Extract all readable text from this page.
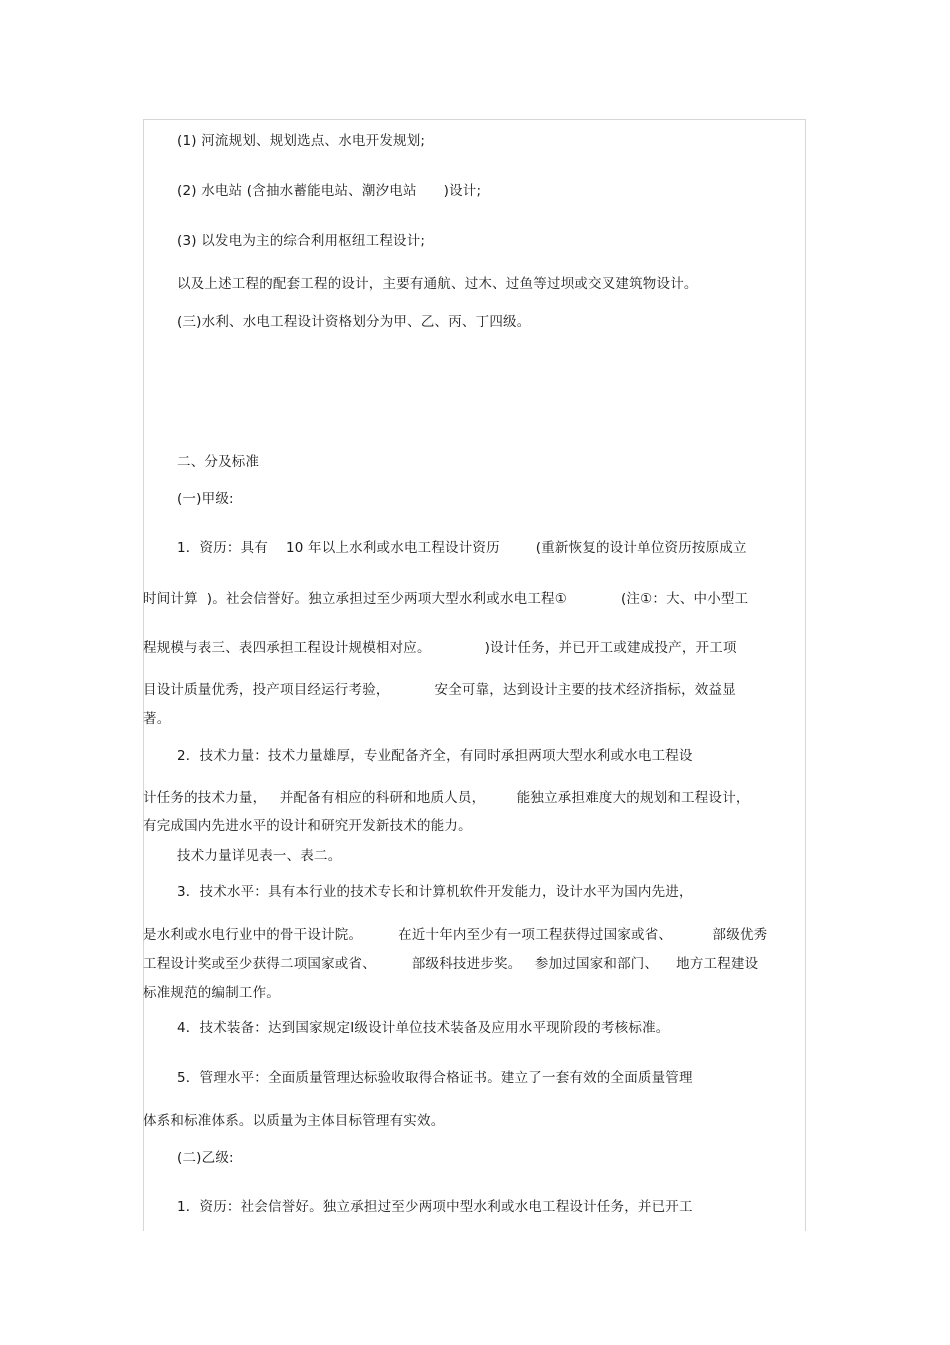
(1) 河流规划、规划选点、水电开发规划;
(2) 水电站 (含抽水蓄能电站、潮汐电站      )设计;
(3) 以发电为主的综合利用枢纽工程设计;
以及上述工程的配套工程的设计，主要有通航、过木、过鱼等过坝或交叉建筑物设计。
(三)水利、水电工程设计资格划分为甲、乙、丙、丁四级。
二、分及标准
(一)甲级:
1．资历：具有    10 年以上水利或水电工程设计资历        (重新恢复的设计单位资历按原成立
时间计算  )。社会信誉好。独立承担过至少两项大型水利或水电工程①            (注①：大、中小型工
程规模与表三、表四承担工程设计规模相对应。            )设计任务，并已开工或建成投产，开工项
目设计质量优秀，投产项目经运行考验，          安全可靠，达到设计主要的技术经济指标，效益显
著。
2．技术力量：技术力量雄厚，专业配备齐全，有同时承担两项大型水利或水电工程设
计任务的技术力量，   并配备有相应的科研和地质人员，       能独立承担难度大的规划和工程设计，
有完成国内先进水平的设计和研究开发新技术的能力。
技术力量详见表一、表二。
3．技术水平：具有本行业的技术专长和计算机软件开发能力，设计水平为国内先进，
是水利或水电行业中的骨干设计院。        在近十年内至少有一项工程获得过国家或省、         部级优秀
工程设计奖或至少获得二项国家或省、        部级科技进步奖。   参加过国家和部门、    地方工程建设
标准规范的编制工作。
4．技术装备：达到国家规定Ⅰ级设计单位技术装备及应用水平现阶段的考核标准。
5．管理水平：全面质量管理达标验收取得合格证书。建立了一套有效的全面质量管理
体系和标准体系。以质量为主体目标管理有实效。
(二)乙级:
1．资历：社会信誉好。独立承担过至少两项中型水利或水电工程设计任务，并已开工
